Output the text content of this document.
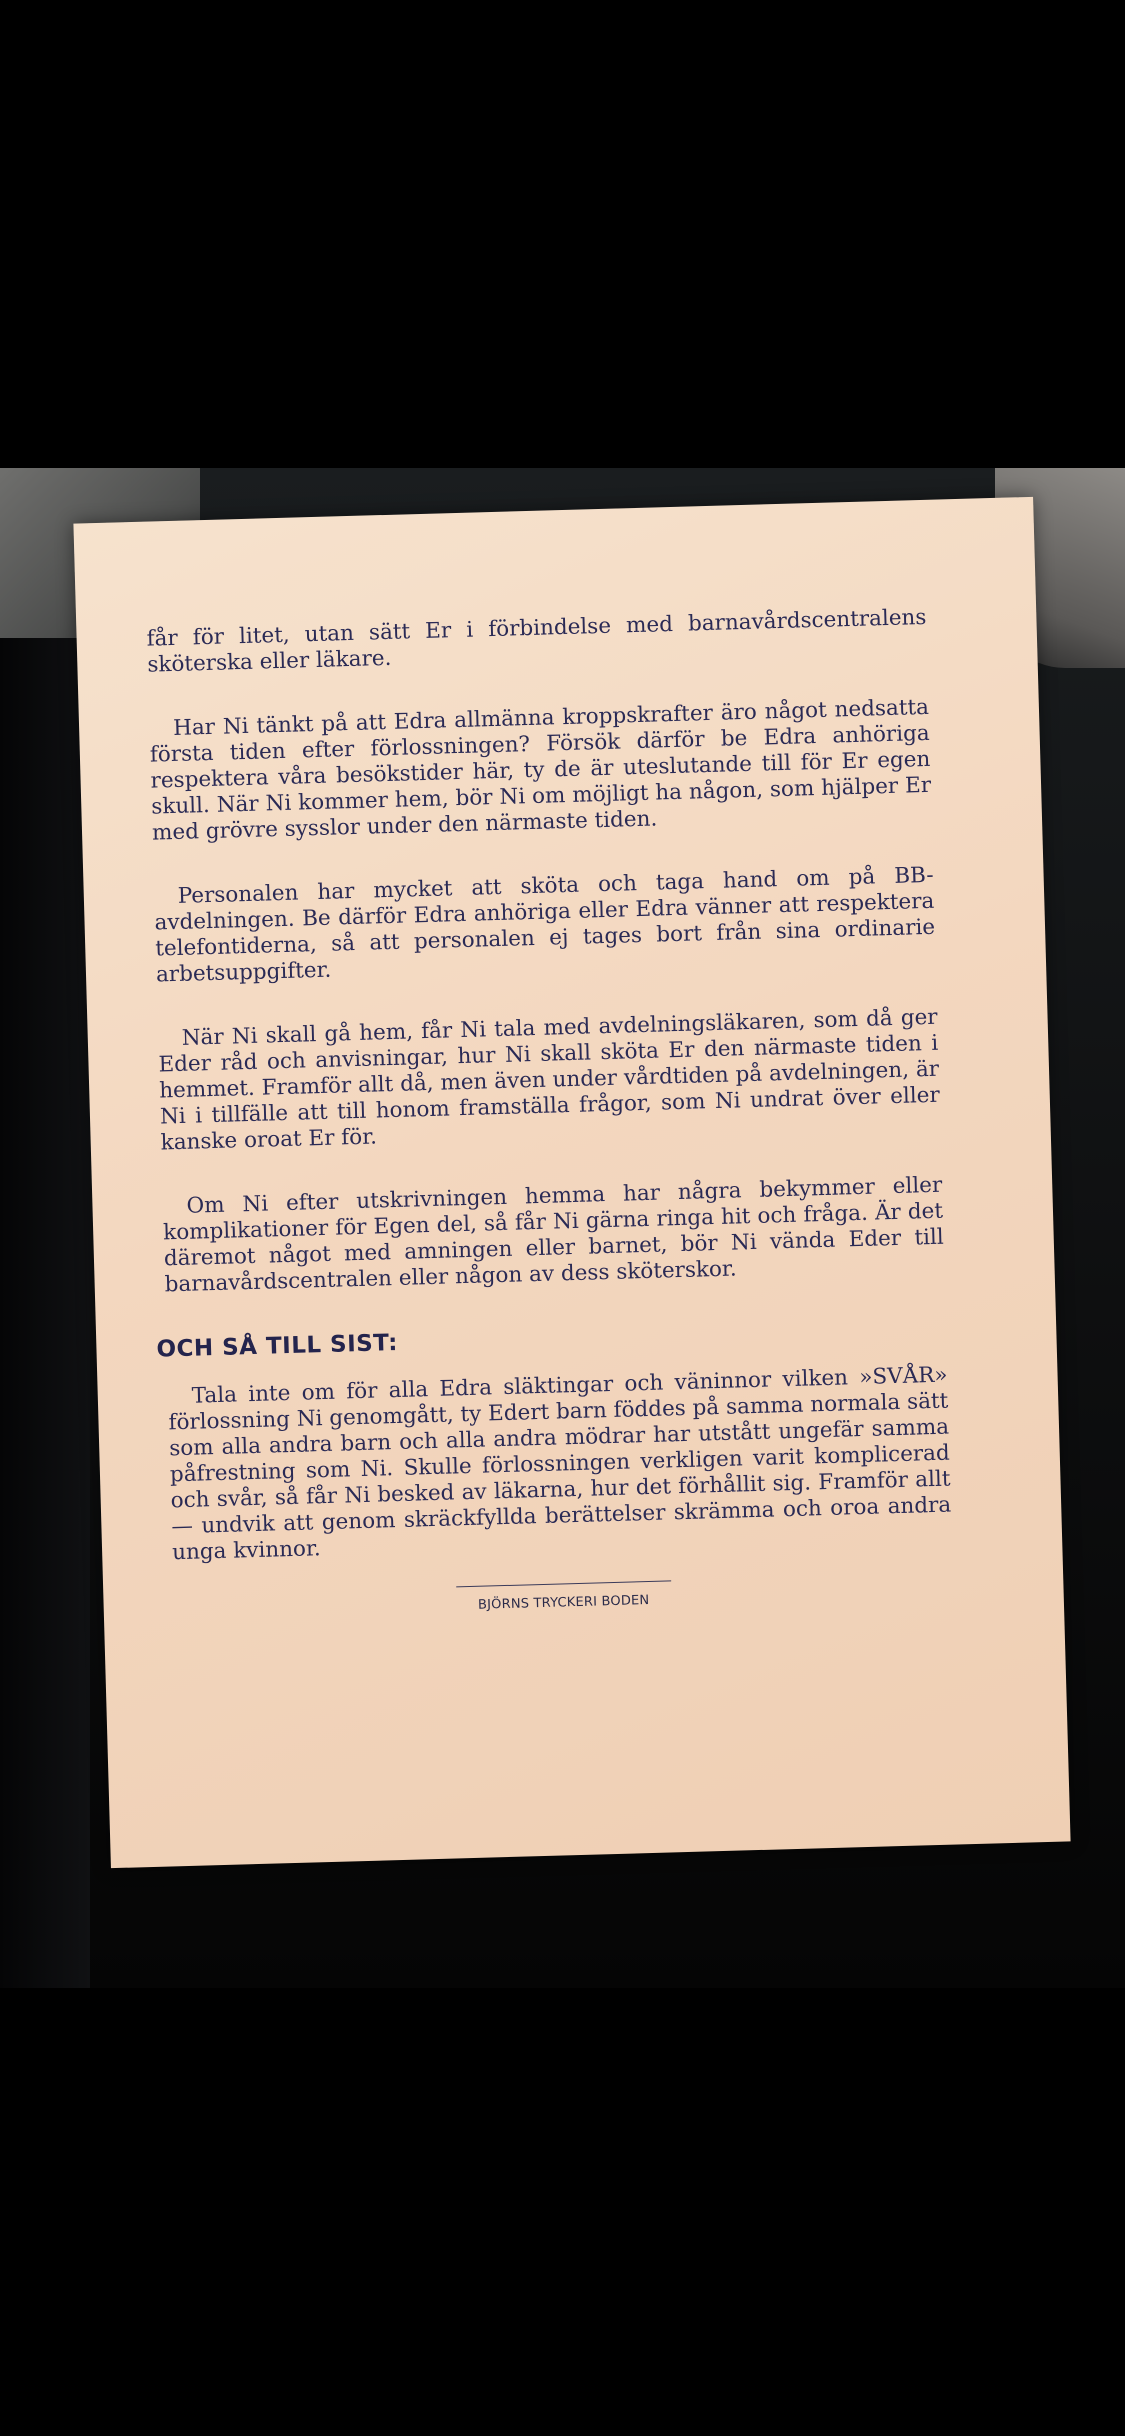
får för litet, utan sätt Er i förbindelse med barnavårdscentralens sköterska eller läkare.

Har Ni tänkt på att Edra allmänna kroppskrafter äro något nedsatta första tiden efter förlossningen? Försök därför be Edra anhöriga respektera våra besökstider här, ty de är uteslutande till för Er egen skull. När Ni kommer hem, bör Ni om möjligt ha någon, som hjälper Er med grövre sysslor under den närmaste tiden.

Personalen har mycket att sköta och taga hand om på BB-avdelningen. Be därför Edra anhöriga eller Edra vänner att respektera telefontiderna, så att personalen ej tages bort från sina ordinarie arbetsuppgifter.

När Ni skall gå hem, får Ni tala med avdelningsläkaren, som då ger Eder råd och anvisningar, hur Ni skall sköta Er den närmaste tiden i hemmet. Framför allt då, men även under vårdtiden på avdelningen, är Ni i tillfälle att till honom framställa frågor, som Ni undrat över eller kanske oroat Er för.

Om Ni efter utskrivningen hemma har några bekymmer eller komplikationer för Egen del, så får Ni gärna ringa hit och fråga. Är det däremot något med amningen eller barnet, bör Ni vända Eder till barnavårdscentralen eller någon av dess sköterskor.

OCH SÅ TILL SIST:

Tala inte om för alla Edra släktingar och väninnor vilken »SVÅR» förlossning Ni genomgått, ty Edert barn föddes på samma normala sätt som alla andra barn och alla andra mödrar har utstått ungefär samma påfrestning som Ni. Skulle förlossningen verkligen varit komplicerad och svår, så får Ni besked av läkarna, hur det förhållit sig. Framför allt — undvik att genom skräckfyllda berättelser skrämma och oroa andra unga kvinnor.

BJÖRNS TRYCKERI BODEN
